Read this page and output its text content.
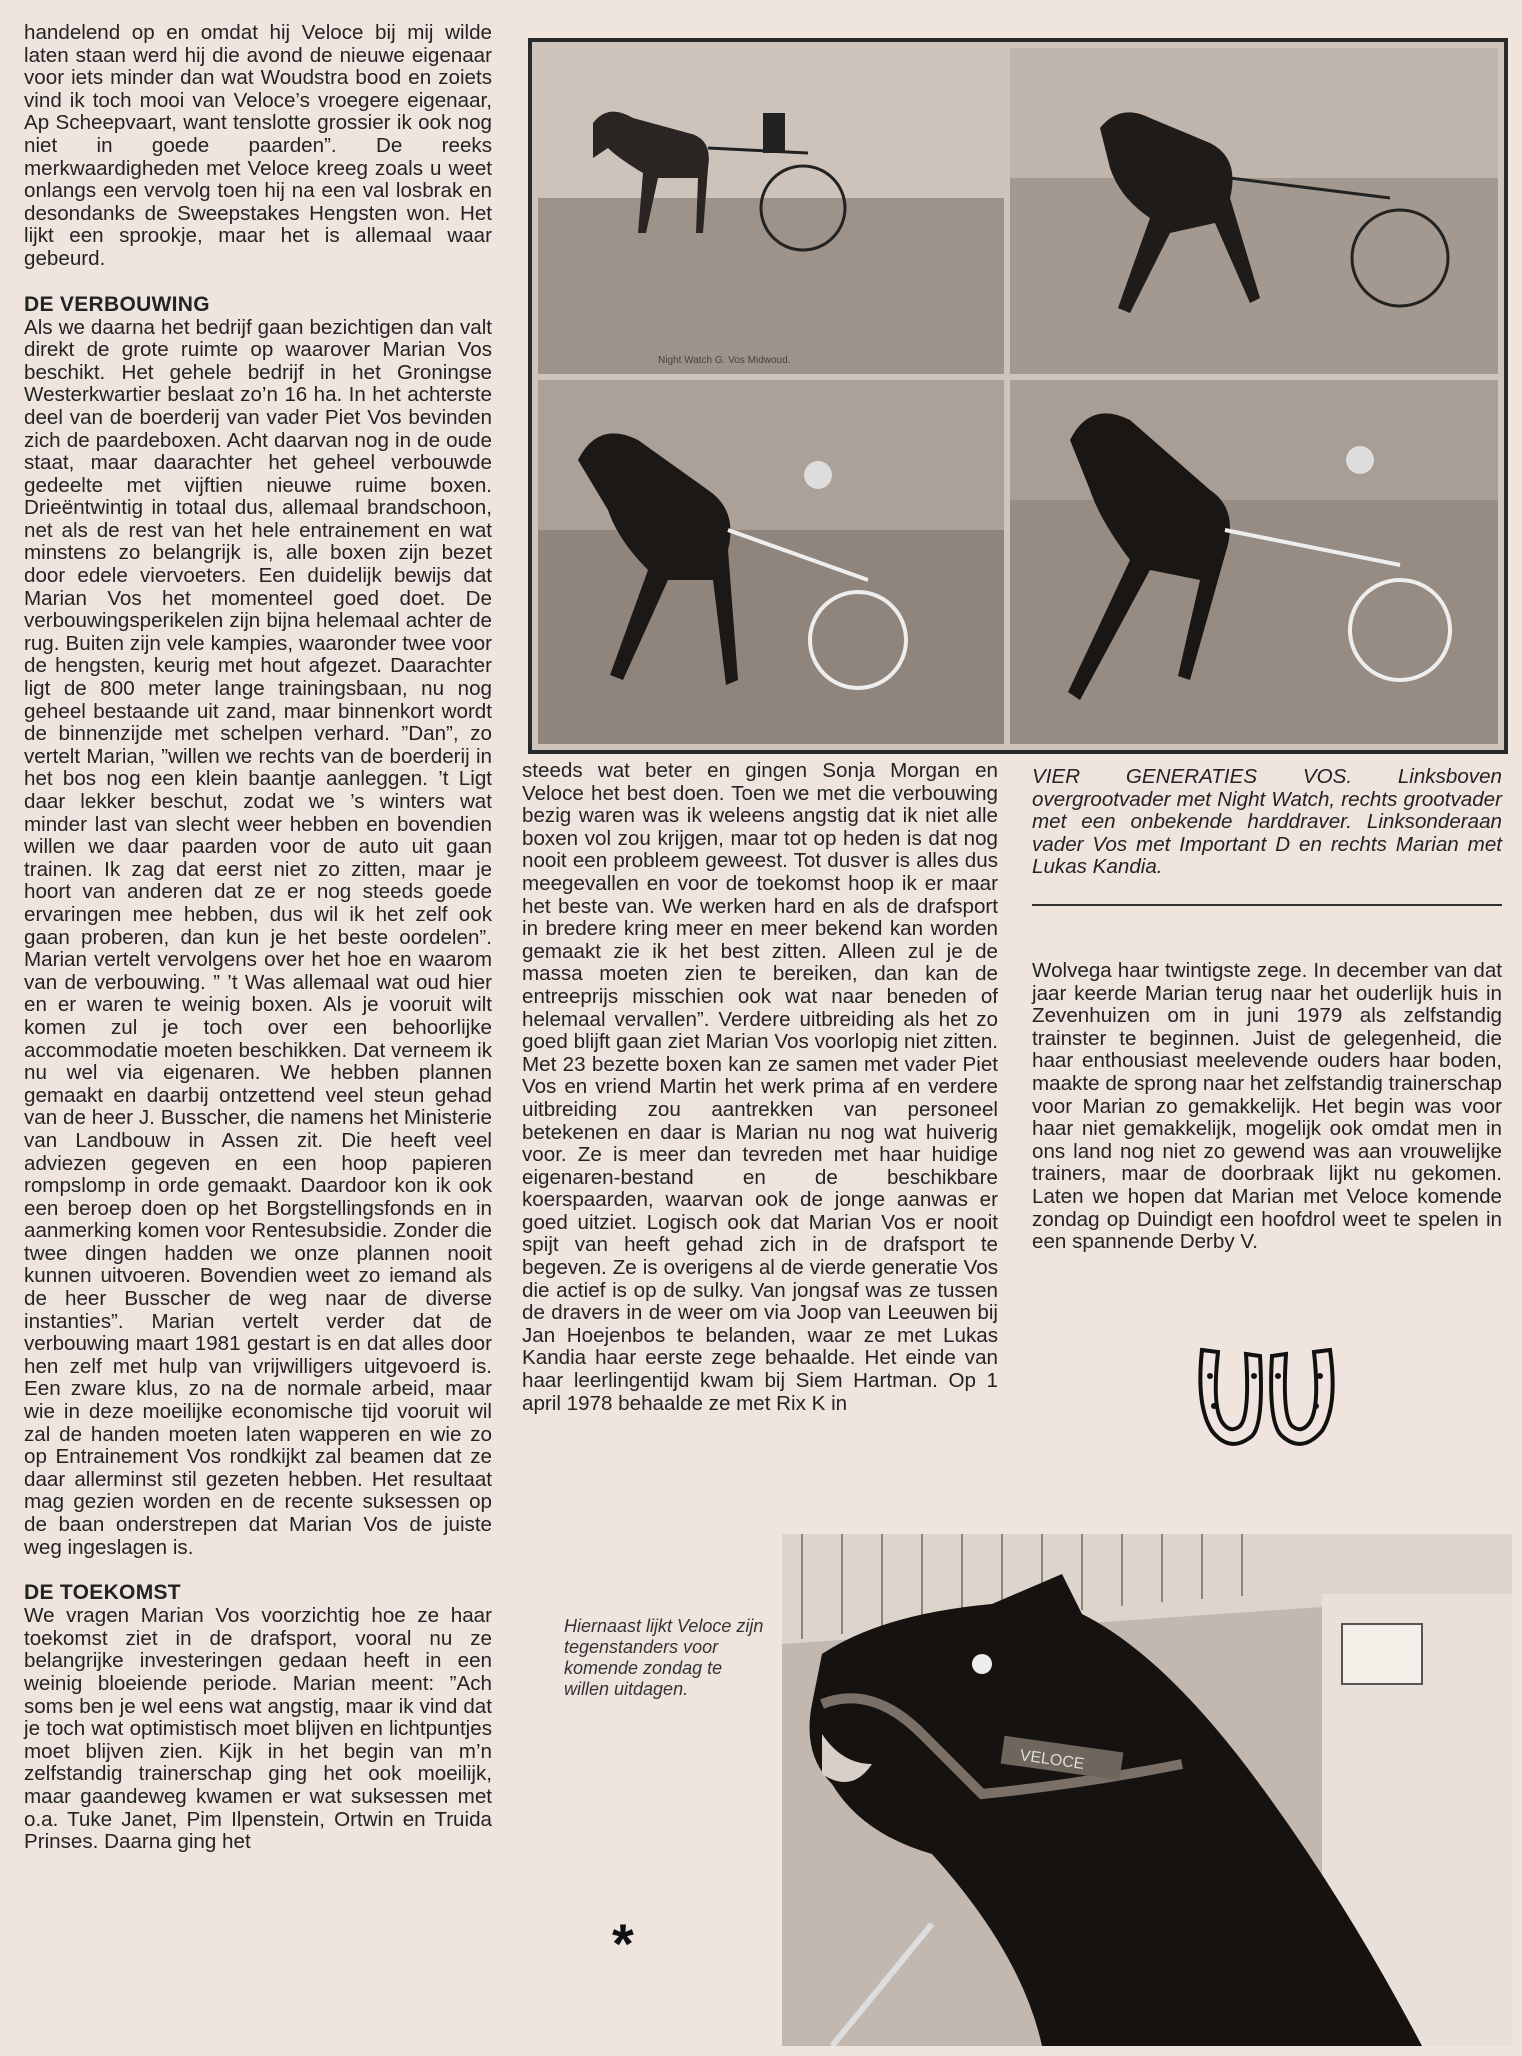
handelend op en omdat hij Veloce bij mij wilde laten staan werd hij die avond de nieuwe eigenaar voor iets minder dan wat Woudstra bood en zoiets vind ik toch mooi van Veloce’s vroegere eigenaar, Ap Scheepvaart, want tenslotte grossier ik ook nog niet in goede paarden”. De reeks merkwaardigheden met Veloce kreeg zoals u weet onlangs een vervolg toen hij na een val losbrak en desondanks de Sweepstakes Hengsten won. Het lijkt een sprookje, maar het is allemaal waar gebeurd.

DE VERBOUWING

Als we daarna het bedrijf gaan bezichtigen dan valt direkt de grote ruimte op waarover Marian Vos beschikt. Het gehele bedrijf in het Groningse Westerkwartier beslaat zo’n 16 ha. In het achterste deel van de boerderij van vader Piet Vos bevinden zich de paardeboxen. Acht daarvan nog in de oude staat, maar daarachter het geheel verbouwde gedeelte met vijftien nieuwe ruime boxen. Drieëntwintig in totaal dus, allemaal brandschoon, net als de rest van het hele entrainement en wat minstens zo belangrijk is, alle boxen zijn bezet door edele viervoeters. Een duidelijk bewijs dat Marian Vos het momenteel goed doet. De verbouwingsperikelen zijn bijna helemaal achter de rug. Buiten zijn vele kampies, waaronder twee voor de hengsten, keurig met hout afgezet. Daarachter ligt de 800 meter lange trainingsbaan, nu nog geheel bestaande uit zand, maar binnenkort wordt de binnenzijde met schelpen verhard. ”Dan”, zo vertelt Marian, ”willen we rechts van de boerderij in het bos nog een klein baantje aanleggen. ’t Ligt daar lekker beschut, zodat we ’s winters wat minder last van slecht weer hebben en bovendien willen we daar paarden voor de auto uit gaan trainen. Ik zag dat eerst niet zo zitten, maar je hoort van anderen dat ze er nog steeds goede ervaringen mee hebben, dus wil ik het zelf ook gaan proberen, dan kun je het beste oordelen”. Marian vertelt vervolgens over het hoe en waarom van de verbouwing. ” ’t Was allemaal wat oud hier en er waren te weinig boxen. Als je vooruit wilt komen zul je toch over een behoorlijke accommodatie moeten beschikken. Dat verneem ik nu wel via eigenaren. We hebben plannen gemaakt en daarbij ontzettend veel steun gehad van de heer J. Busscher, die namens het Ministerie van Landbouw in Assen zit. Die heeft veel adviezen gegeven en een hoop papieren rompslomp in orde gemaakt. Daardoor kon ik ook een beroep doen op het Borgstellingsfonds en in aanmerking komen voor Rentesubsidie. Zonder die twee dingen hadden we onze plannen nooit kunnen uitvoeren. Bovendien weet zo iemand als de heer Busscher de weg naar de diverse instanties”. Marian vertelt verder dat de verbouwing maart 1981 gestart is en dat alles door hen zelf met hulp van vrijwilligers uitgevoerd is. Een zware klus, zo na de normale arbeid, maar wie in deze moeilijke economische tijd vooruit wil zal de handen moeten laten wapperen en wie zo op Entrainement Vos rondkijkt zal beamen dat ze daar allerminst stil gezeten hebben. Het resultaat mag gezien worden en de recente suksessen op de baan onderstrepen dat Marian Vos de juiste weg ingeslagen is.

DE TOEKOMST

We vragen Marian Vos voorzichtig hoe ze haar toekomst ziet in de drafsport, vooral nu ze belangrijke investeringen gedaan heeft in een weinig bloeiende periode. Marian meent: ”Ach soms ben je wel eens wat angstig, maar ik vind dat je toch wat optimistisch moet blijven en lichtpuntjes moet blijven zien. Kijk in het begin van m’n zelfstandig trainerschap ging het ook moeilijk, maar gaandeweg kwamen er wat suksessen met o.a. Tuke Janet, Pim Ilpenstein, Ortwin en Truida Prinses. Daarna ging het

Night Watch G. Vos Midwoud.

VIER GENERATIES VOS. Linksboven overgrootvader met Night Watch, rechts grootvader met een onbekende harddraver. Linksonderaan vader Vos met Important D en rechts Marian met Lukas Kandia.

steeds wat beter en gingen Sonja Morgan en Veloce het best doen. Toen we met die verbouwing bezig waren was ik weleens angstig dat ik niet alle boxen vol zou krijgen, maar tot op heden is dat nog nooit een probleem geweest. Tot dusver is alles dus meegevallen en voor de toekomst hoop ik er maar het beste van. We werken hard en als de drafsport in bredere kring meer en meer bekend kan worden gemaakt zie ik het best zitten. Alleen zul je de massa moeten zien te bereiken, dan kan de entreeprijs misschien ook wat naar beneden of helemaal vervallen”. Verdere uitbreiding als het zo goed blijft gaan ziet Marian Vos voorlopig niet zitten. Met 23 bezette boxen kan ze samen met vader Piet Vos en vriend Martin het werk prima af en verdere uitbreiding zou aantrekken van personeel betekenen en daar is Marian nu nog wat huiverig voor. Ze is meer dan tevreden met haar huidige eigenaren-bestand en de beschikbare koerspaarden, waarvan ook de jonge aanwas er goed uitziet. Logisch ook dat Marian Vos er nooit spijt van heeft gehad zich in de drafsport te begeven. Ze is overigens al de vierde generatie Vos die actief is op de sulky. Van jongsaf was ze tussen de dravers in de weer om via Joop van Leeuwen bij Jan Hoejenbos te belanden, waar ze met Lukas Kandia haar eerste zege behaalde. Het einde van haar leerlingentijd kwam bij Siem Hartman. Op 1 april 1978 behaalde ze met Rix K in

Wolvega haar twintigste zege. In december van dat jaar keerde Marian terug naar het ouderlijk huis in Zevenhuizen om in juni 1979 als zelfstandig trainster te beginnen. Juist de gelegenheid, die haar enthousiast meelevende ouders haar boden, maakte de sprong naar het zelfstandig trainerschap voor Marian zo gemakkelijk. Het begin was voor haar niet gemakkelijk, mogelijk ook omdat men in ons land nog niet zo gewend was aan vrouwelijke trainers, maar de doorbraak lijkt nu gekomen. Laten we hopen dat Marian met Veloce komende zondag op Duindigt een hoofdrol weet te spelen in een spannende Derby V.

Hiernaast lijkt Veloce zijn tegenstanders voor komende zondag te willen uitdagen.

VELOCE
*
